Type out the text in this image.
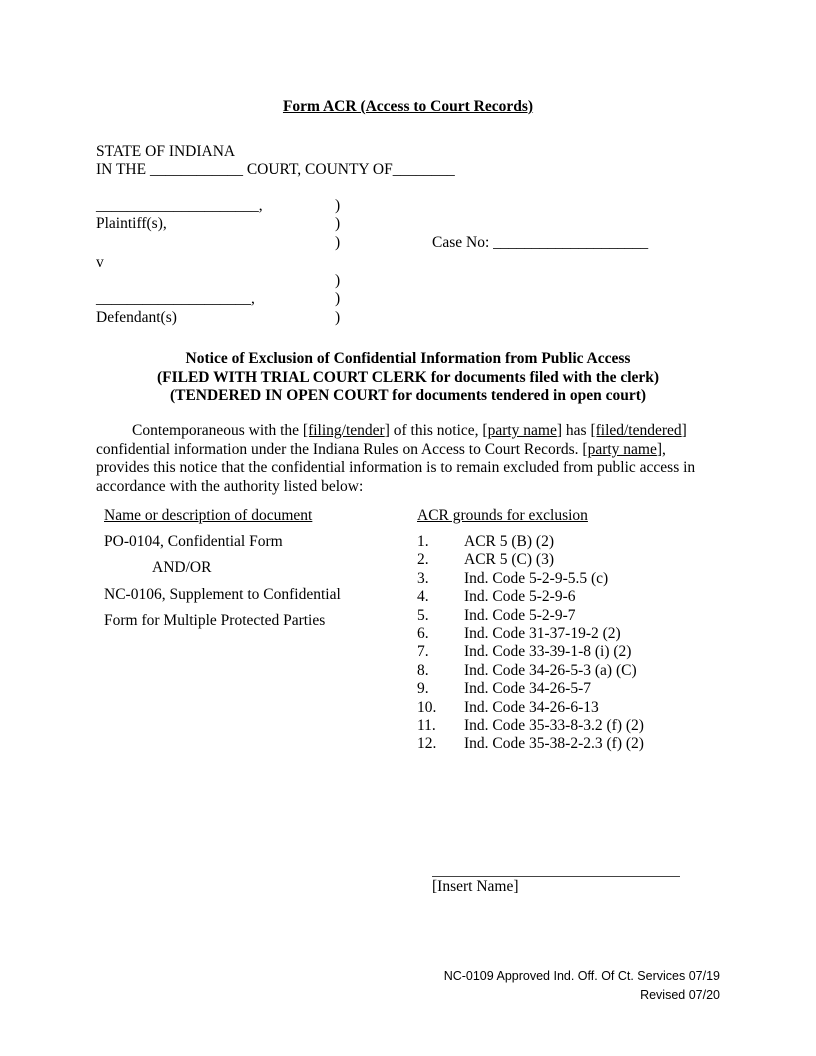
Form ACR (Access to Court Records)
STATE OF INDIANA
IN THE ____________ COURT, COUNTY OF________
_____________________,
Plaintiff(s),
v
____________________,
Defendant(s)
)
)
)
)
)
)
Case No: ____________________
Notice of Exclusion of Confidential Information from Public Access
(FILED WITH TRIAL COURT CLERK for documents filed with the clerk)
(TENDERED IN OPEN COURT for documents tendered in open court)
Contemporaneous with the [filing/tender] of this notice, [party name] has [filed/tendered] confidential information under the Indiana Rules on Access to Court Records. [party name], provides this notice that the confidential information is to remain excluded from public access in accordance with the authority listed below:
Name or description of document
PO-0104, Confidential Form
AND/OR
NC-0106, Supplement to Confidential
Form for Multiple Protected Parties
ACR grounds for exclusion
1. ACR 5 (B) (2)
2. ACR 5 (C) (3)
3. Ind. Code 5-2-9-5.5 (c)
4. Ind. Code 5-2-9-6
5. Ind. Code 5-2-9-7
6. Ind. Code 31-37-19-2 (2)
7. Ind. Code 33-39-1-8 (i) (2)
8. Ind. Code 34-26-5-3 (a) (C)
9. Ind. Code 34-26-5-7
10. Ind. Code 34-26-6-13
11. Ind. Code 35-33-8-3.2 (f) (2)
12. Ind. Code 35-38-2-2.3 (f) (2)
[Insert Name]
NC-0109 Approved Ind. Off. Of Ct. Services 07/19
Revised 07/20
